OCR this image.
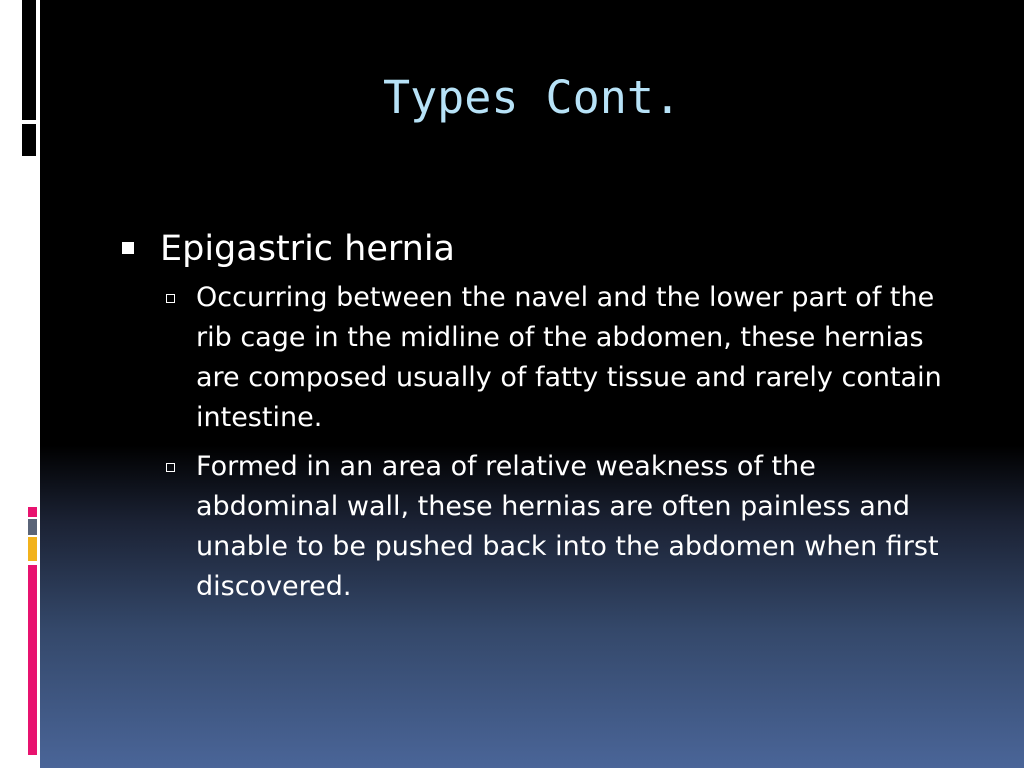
Types Cont.
Epigastric hernia
Occurring between the navel and the lower part of the rib cage in the midline of the abdomen, these hernias are composed usually of fatty tissue and rarely contain intestine.
Formed in an area of relative weakness of the abdominal wall, these hernias are often painless and unable to be pushed back into the abdomen when first discovered.
